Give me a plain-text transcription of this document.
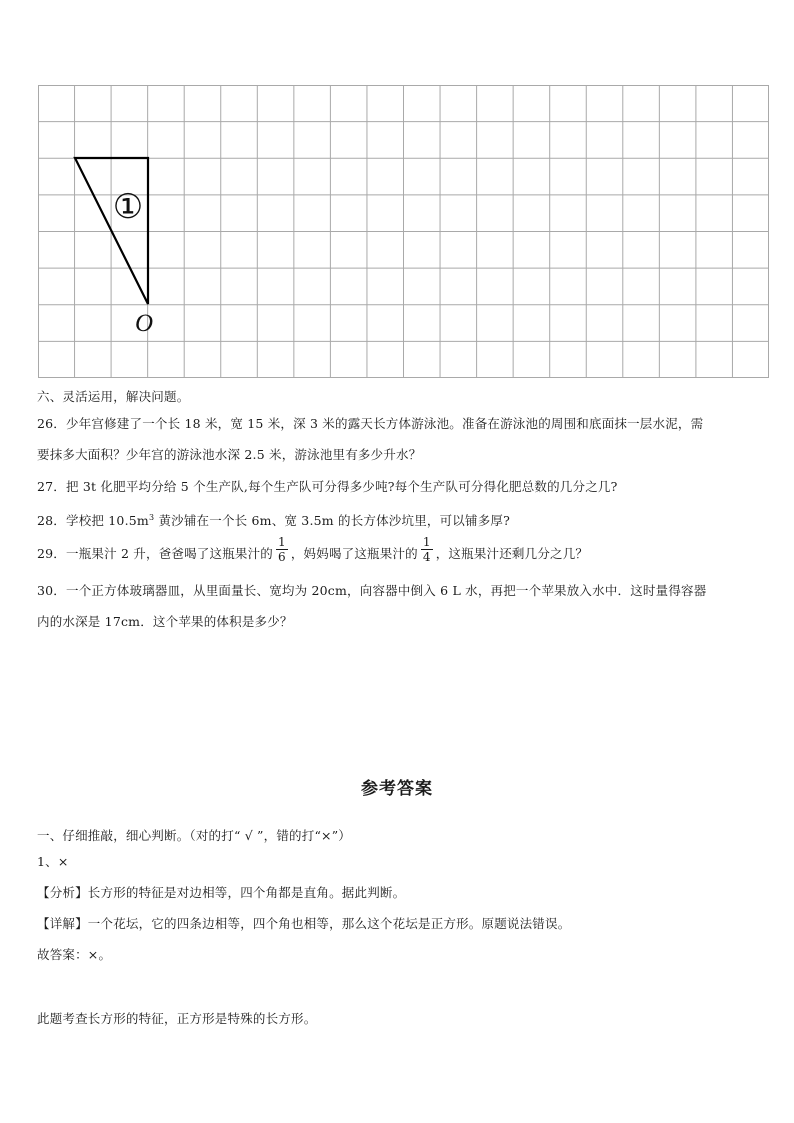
①
O
六、灵活运用，解决问题。
26．少年宫修建了一个长 18 米，宽 15 米，深 3 米的露天长方体游泳池。准备在游泳池的周围和底面抹一层水泥，需
要抹多大面积？少年宫的游泳池水深 2.5 米，游泳池里有多少升水？
27．把 3t 化肥平均分给 5 个生产队,每个生产队可分得多少吨?每个生产队可分得化肥总数的几分之几?
28．学校把 $10.5m^3$ 黄沙铺在一个长 6m、宽 3.5m 的长方体沙坑里，可以铺多厚?
29．一瓶果汁 2 升，爸爸喝了这瓶果汁的 $\frac{1}{6}$ ，妈妈喝了这瓶果汁的 $\frac{1}{4}$ ，这瓶果汁还剩几分之几？
30．一个正方体玻璃器皿，从里面量长、宽均为 20cm，向容器中倒入 6 L 水，再把一个苹果放入水中．这时量得容器
内的水深是 17cm．这个苹果的体积是多少？
参考答案
一、仔细推敲，细心判断。（对的打“ √ ”，错的打“×”）
1、×
【分析】长方形的特征是对边相等，四个角都是直角。据此判断。
【详解】一个花坛，它的四条边相等，四个角也相等，那么这个花坛是正方形。原题说法错误。
故答案：×。
此题考查长方形的特征，正方形是特殊的长方形。
